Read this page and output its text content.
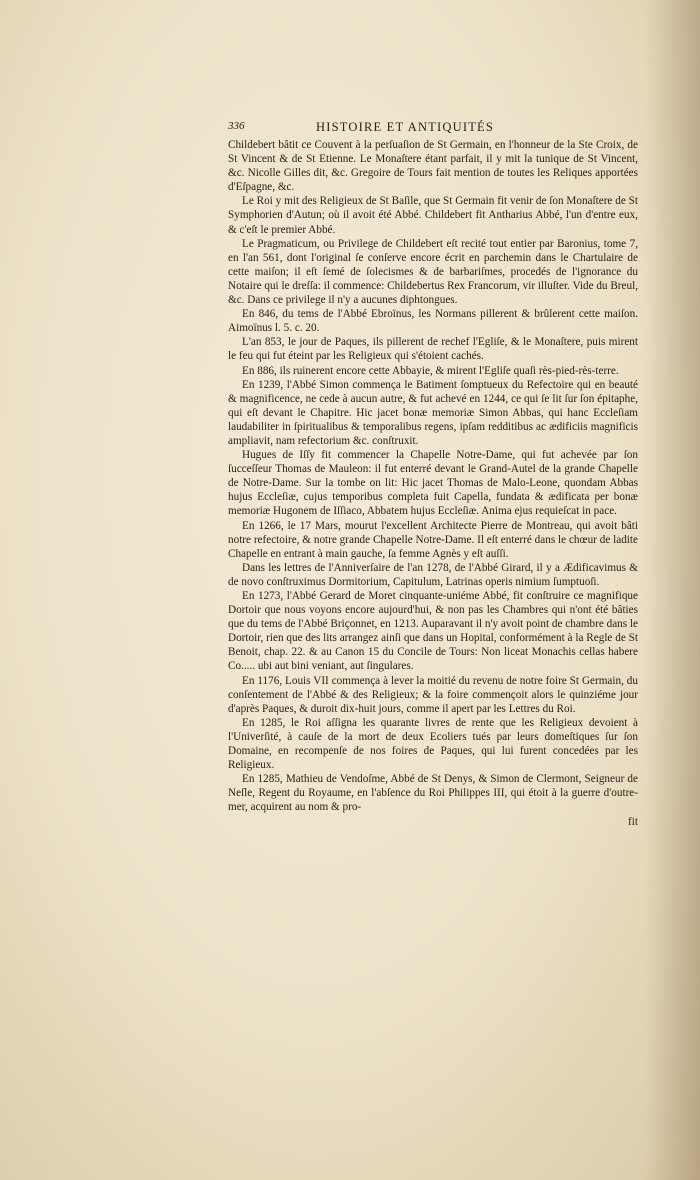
336	HISTOIRE ET ANTIQUITÉS

Childebert bâtit ce Couvent à la perſuaſion de St Germain, en l'honneur de la Ste Croix, de St Vincent & de St Etienne. Le Monaſtere étant parfait, il y mit la tunique de St Vincent, &c. Nicolle Gilles dit, &c. Gregoire de Tours fait mention de toutes les Reliques apportées d'Eſpagne, &c.

Le Roi y mit des Religieux de St Baſile, que St Germain fit venir de ſon Monaſtere de St Symphorien d'Autun; où il avoit été Abbé. Childebert fit Antharius Abbé, l'un d'entre eux, & c'eſt le premier Abbé.

Le Pragmaticum, ou Privilege de Childebert eſt recité tout entier par Baronius, tome 7, en l'an 561, dont l'original ſe conſerve encore écrit en parchemin dans le Chartulaire de cette maiſon; il eſt ſemé de ſolecismes & de barbariſmes, procedés de l'ignorance du Notaire qui le dreſſa: il commence: Childebertus Rex Francorum, vir illuſter. Vide du Breul, &c. Dans ce privilege il n'y a aucunes diphtongues.

En 846, du tems de l'Abbé Ebroïnus, les Normans pillerent & brûlerent cette maiſon. Aimoïnus l. 5. c. 20.

L'an 853, le jour de Paques, ils pillerent de rechef l'Egliſe, & le Monaſtere, puis mirent le feu qui fut éteint par les Religieux qui s'étoient cachés.

En 886, ils ruinerent encore cette Abbayie, & mirent l'Egliſe quaſi rès-pied-rès-terre.

En 1239, l'Abbé Simon commença le Batiment ſomptueux du Refectoire qui en beauté & magnificence, ne cede à aucun autre, & fut achevé en 1244, ce qui ſe lit ſur ſon épitaphe, qui eſt devant le Chapitre. Hic jacet bonæ memoriæ Simon Abbas, qui hanc Eccleſiam laudabiliter in ſpiritualibus & temporalibus regens, ipſam redditibus ac ædificiis magnificis ampliavit, nam refectorium &c. conſtruxit.

Hugues de Iſſy fit commencer la Chapelle Notre-Dame, qui fut achevée par ſon ſucceſſeur Thomas de Mauleon: il fut enterré devant le Grand-Autel de la grande Chapelle de Notre-Dame. Sur la tombe on lit: Hic jacet Thomas de Malo-Leone, quondam Abbas hujus Eccleſiæ, cujus temporibus completa fuit Capella, fundata & ædificata per bonæ memoriæ Hugonem de Iſſiaco, Abbatem hujus Eccleſiæ. Anima ejus requieſcat in pace.

En 1266, le 17 Mars, mourut l'excellent Architecte Pierre de Montreau, qui avoit bâti notre refectoire, & notre grande Chapelle Notre-Dame. Il eſt enterré dans le chœur de ladite Chapelle en entrant à main gauche, ſa femme Agnès y eſt auſſi.

Dans les lettres de l'Anniverſaire de l'an 1278, de l'Abbé Girard, il y a Ædificavimus & de novo conſtruximus Dormitorium, Capitulum, Latrinas operis nimium ſumptuoſi.

En 1273, l'Abbé Gerard de Moret cinquante-uniéme Abbé, fit conſtruire ce magnifique Dortoir que nous voyons encore aujourd'hui, & non pas les Chambres qui n'ont été bâties que du tems de l'Abbé Briçonnet, en 1213. Auparavant il n'y avoit point de chambre dans le Dortoir, rien que des lits arrangez ainſi que dans un Hopital, conformément à la Regle de St Benoit, chap. 22. & au Canon 15 du Concile de Tours: Non liceat Monachis cellas habere Co..... ubi aut bini veniant, aut ſingulares.

En 1176, Louis VII commença à lever la moitié du revenu de notre foire St Germain, du conſentement de l'Abbé & des Religieux; & la foire commençoit alors le quinziéme jour d'après Paques, & duroit dix-huit jours, comme il apert par les Lettres du Roi.

En 1285, le Roi aſſigna les quarante livres de rente que les Religieux devoient à l'Univerſité, à cauſe de la mort de deux Ecoliers tués par leurs domeſtiques ſur ſon Domaine, en recompenſe de nos foires de Paques, qui lui furent concedées par les Religieux.

En 1285, Mathieu de Vendoſme, Abbé de St Denys, & Simon de Clermont, Seigneur de Neſle, Regent du Royaume, en l'abſence du Roi Philippes III, qui étoit à la guerre d'outre-mer, acquirent au nom & pro-

fit
